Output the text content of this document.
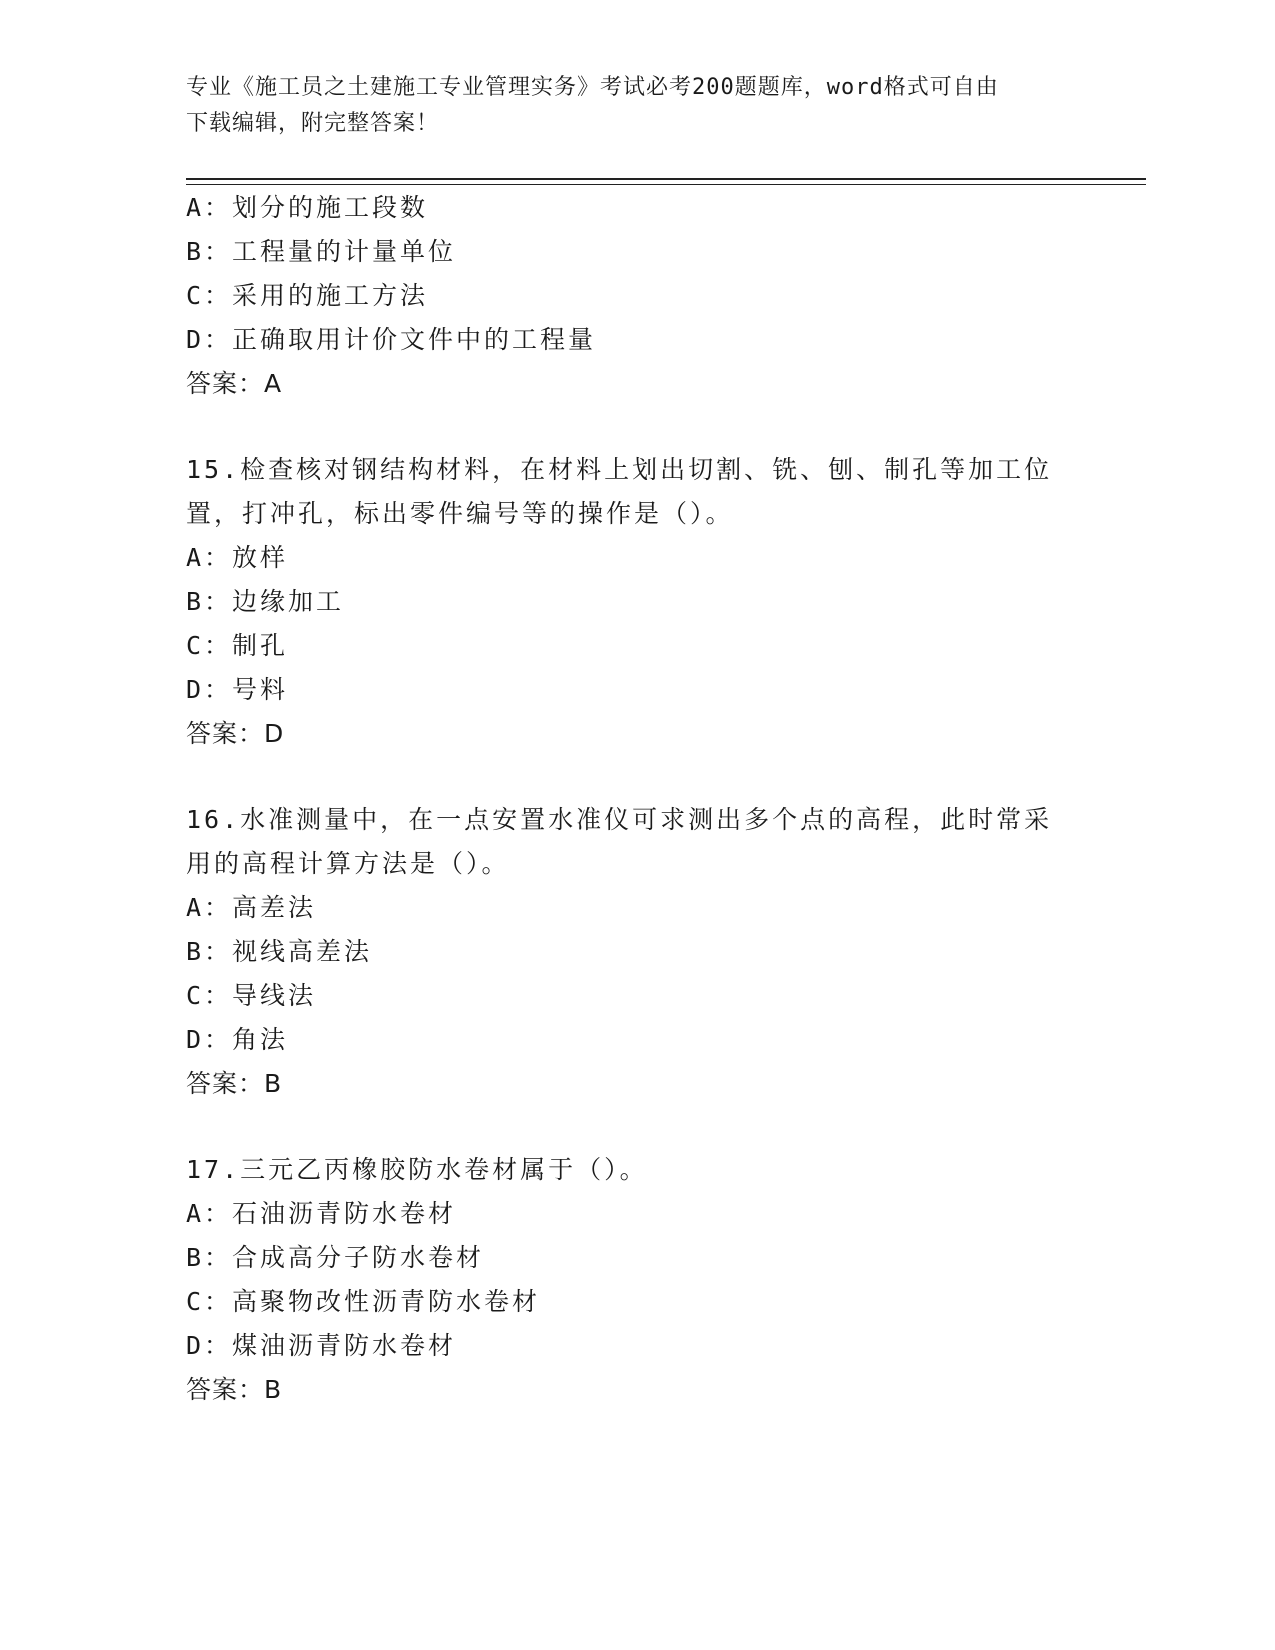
专业《施工员之土建施工专业管理实务》考试必考200题题库，word格式可自由
下载编辑，附完整答案！
A：划分的施工段数
B：工程量的计量单位
C：采用的施工方法
D：正确取用计价文件中的工程量
答案：A
15.检查核对钢结构材料，在材料上划出切割、铣、刨、制孔等加工位
置，打冲孔，标出零件编号等的操作是（）。
A：放样
B：边缘加工
C：制孔
D：号料
答案：D
16.水准测量中，在一点安置水准仪可求测出多个点的高程，此时常采
用的高程计算方法是（）。
A：高差法
B：视线高差法
C：导线法
D：角法
答案：B
17.三元乙丙橡胶防水卷材属于（）。
A：石油沥青防水卷材
B：合成高分子防水卷材
C：高聚物改性沥青防水卷材
D：煤油沥青防水卷材
答案：B
